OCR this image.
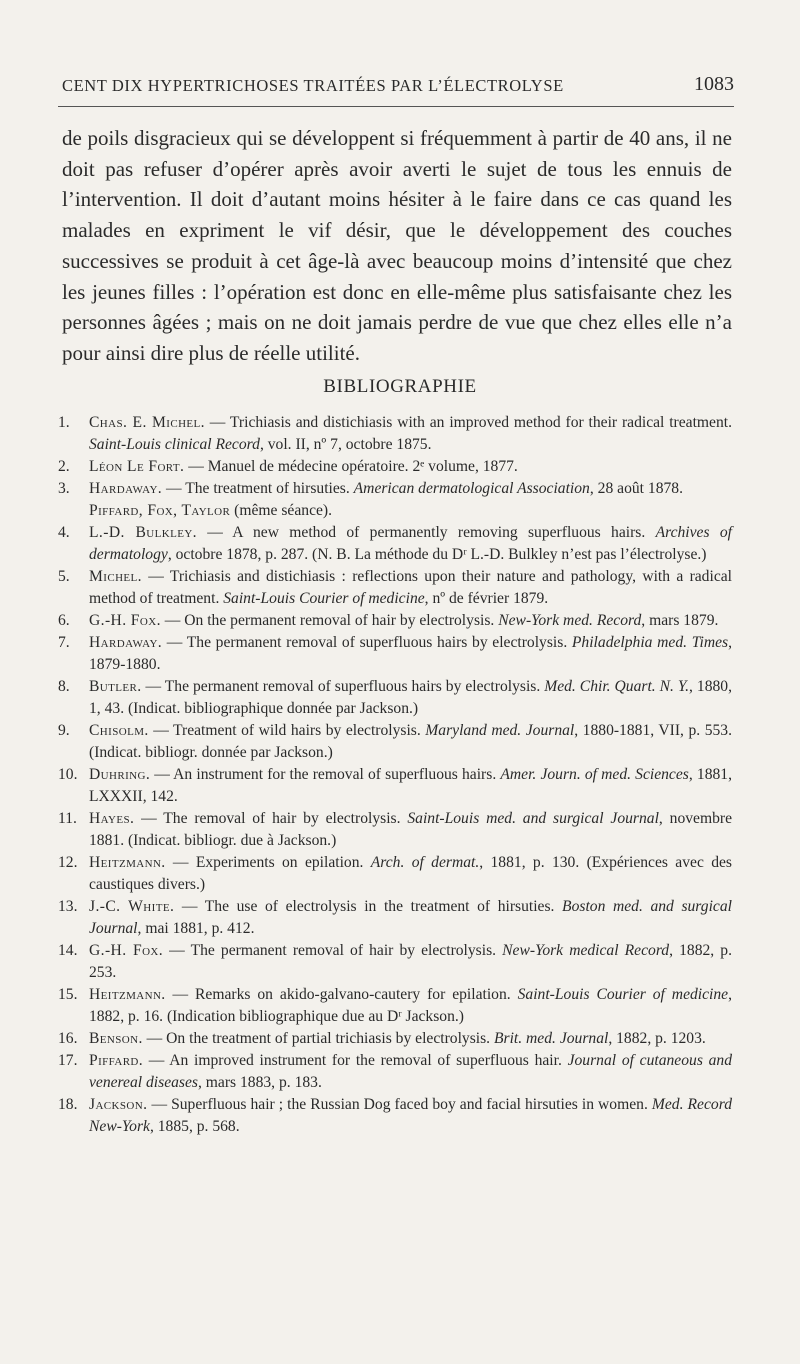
CENT DIX HYPERTRICHOSES TRAITÉES PAR L’ÉLECTROLYSE	1083

de poils disgracieux qui se développent si fréquemment à partir de 40 ans, il ne doit pas refuser d’opérer après avoir averti le sujet de tous les ennuis de l’intervention. Il doit d’autant moins hésiter à le faire dans ce cas quand les malades en expriment le vif désir, que le développement des couches successives se produit à cet âge-là avec beaucoup moins d’intensité que chez les jeunes filles : l’opération est donc en elle-même plus satisfaisante chez les personnes âgées ; mais on ne doit jamais perdre de vue que chez elles elle n’a pour ainsi dire plus de réelle utilité.

BIBLIOGRAPHIE

1. Chas. E. Michel. — Trichiasis and distichiasis with an improved method for their radical treatment. Saint-Louis clinical Record, vol. II, nº 7, octobre 1875.

2. Léon Le Fort. — Manuel de médecine opératoire. 2ᵉ volume, 1877.

3. Hardaway. — The treatment of hirsuties. American dermatological Association, 28 août 1878.

Piffard, Fox, Taylor (même séance).

4. L.-D. Bulkley. — A new method of permanently removing superfluous hairs. Archives of dermatology, octobre 1878, p. 287. (N. B. La méthode du Dʳ L.-D. Bulkley n’est pas l’électrolyse.)

5. Michel. — Trichiasis and distichiasis : reflections upon their nature and pathology, with a radical method of treatment. Saint-Louis Courier of medicine, nº de février 1879.

6. G.-H. Fox. — On the permanent removal of hair by electrolysis. New-York med. Record, mars 1879.

7. Hardaway. — The permanent removal of superfluous hairs by electrolysis. Philadelphia med. Times, 1879-1880.

8. Butler. — The permanent removal of superfluous hairs by electrolysis. Med. Chir. Quart. N. Y., 1880, 1, 43. (Indicat. bibliographique donnée par Jackson.)

9. Chisolm. — Treatment of wild hairs by electrolysis. Maryland med. Journal, 1880-1881, VII, p. 553. (Indicat. bibliogr. donnée par Jackson.)

10. Duhring. — An instrument for the removal of superfluous hairs. Amer. Journ. of med. Sciences, 1881, LXXXII, 142.

11. Hayes. — The removal of hair by electrolysis. Saint-Louis med. and surgical Journal, novembre 1881. (Indicat. bibliogr. due à Jackson.)

12. Heitzmann. — Experiments on epilation. Arch. of dermat., 1881, p. 130. (Expériences avec des caustiques divers.)

13. J.-C. White. — The use of electrolysis in the treatment of hirsuties. Boston med. and surgical Journal, mai 1881, p. 412.

14. G.-H. Fox. — The permanent removal of hair by electrolysis. New-York medical Record, 1882, p. 253.

15. Heitzmann. — Remarks on akido-galvano-cautery for epilation. Saint-Louis Courier of medicine, 1882, p. 16. (Indication bibliographique due au Dʳ Jackson.)

16. Benson. — On the treatment of partial trichiasis by electrolysis. Brit. med. Journal, 1882, p. 1203.

17. Piffard. — An improved instrument for the removal of superfluous hair. Journal of cutaneous and venereal diseases, mars 1883, p. 183.

18. Jackson. — Superfluous hair ; the Russian Dog faced boy and facial hirsuties in women. Med. Record New-York, 1885, p. 568.
